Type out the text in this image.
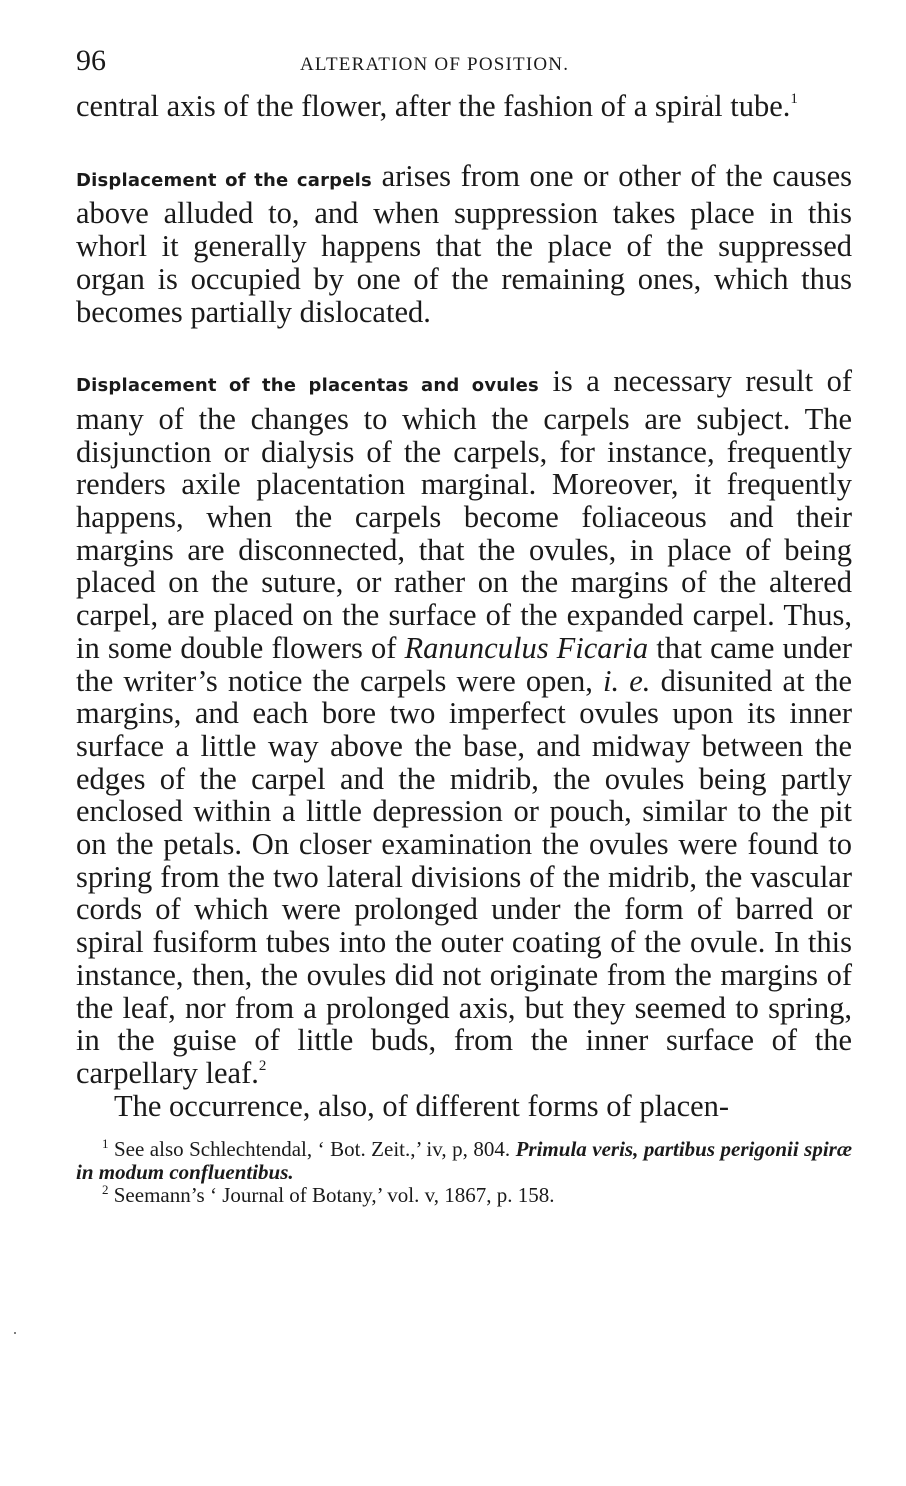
96	ALTERATION OF POSITION.

central axis of the flower, after the fashion of a spiral tube.$^1$

Displacement of the carpels arises from one or other of the causes above alluded to, and when suppression takes place in this whorl it generally happens that the place of the suppressed organ is occupied by one of the remaining ones, which thus becomes partially dislocated.

Displacement of the placentas and ovules is a necessary result of many of the changes to which the carpels are subject. The disjunction or dialysis of the carpels, for instance, frequently renders axile placentation marginal. Moreover, it frequently happens, when the carpels become foliaceous and their margins are disconnected, that the ovules, in place of being placed on the suture, or rather on the margins of the altered carpel, are placed on the surface of the expanded carpel. Thus, in some double flowers of Ranunculus Ficaria that came under the writer’s notice the carpels were open, i. e. disunited at the margins, and each bore two imperfect ovules upon its inner surface a little way above the base, and midway between the edges of the carpel and the midrib, the ovules being partly enclosed within a little depression or pouch, similar to the pit on the petals. On closer examination the ovules were found to spring from the two lateral divisions of the midrib, the vascular cords of which were prolonged under the form of barred or spiral fusiform tubes into the outer coating of the ovule. In this instance, then, the ovules did not originate from the margins of the leaf, nor from a prolonged axis, but they seemed to spring, in the guise of little buds, from the inner surface of the carpellary leaf.$^2$

The occurrence, also, of different forms of placen-

$^1$ See also Schlechtendal, ‘ Bot. Zeit.,’ iv, p, 804. Primula veris, partibus perigonii spiræ in modum confluentibus.

$^2$ Seemann’s ‘ Journal of Botany,’ vol. v, 1867, p. 158.
